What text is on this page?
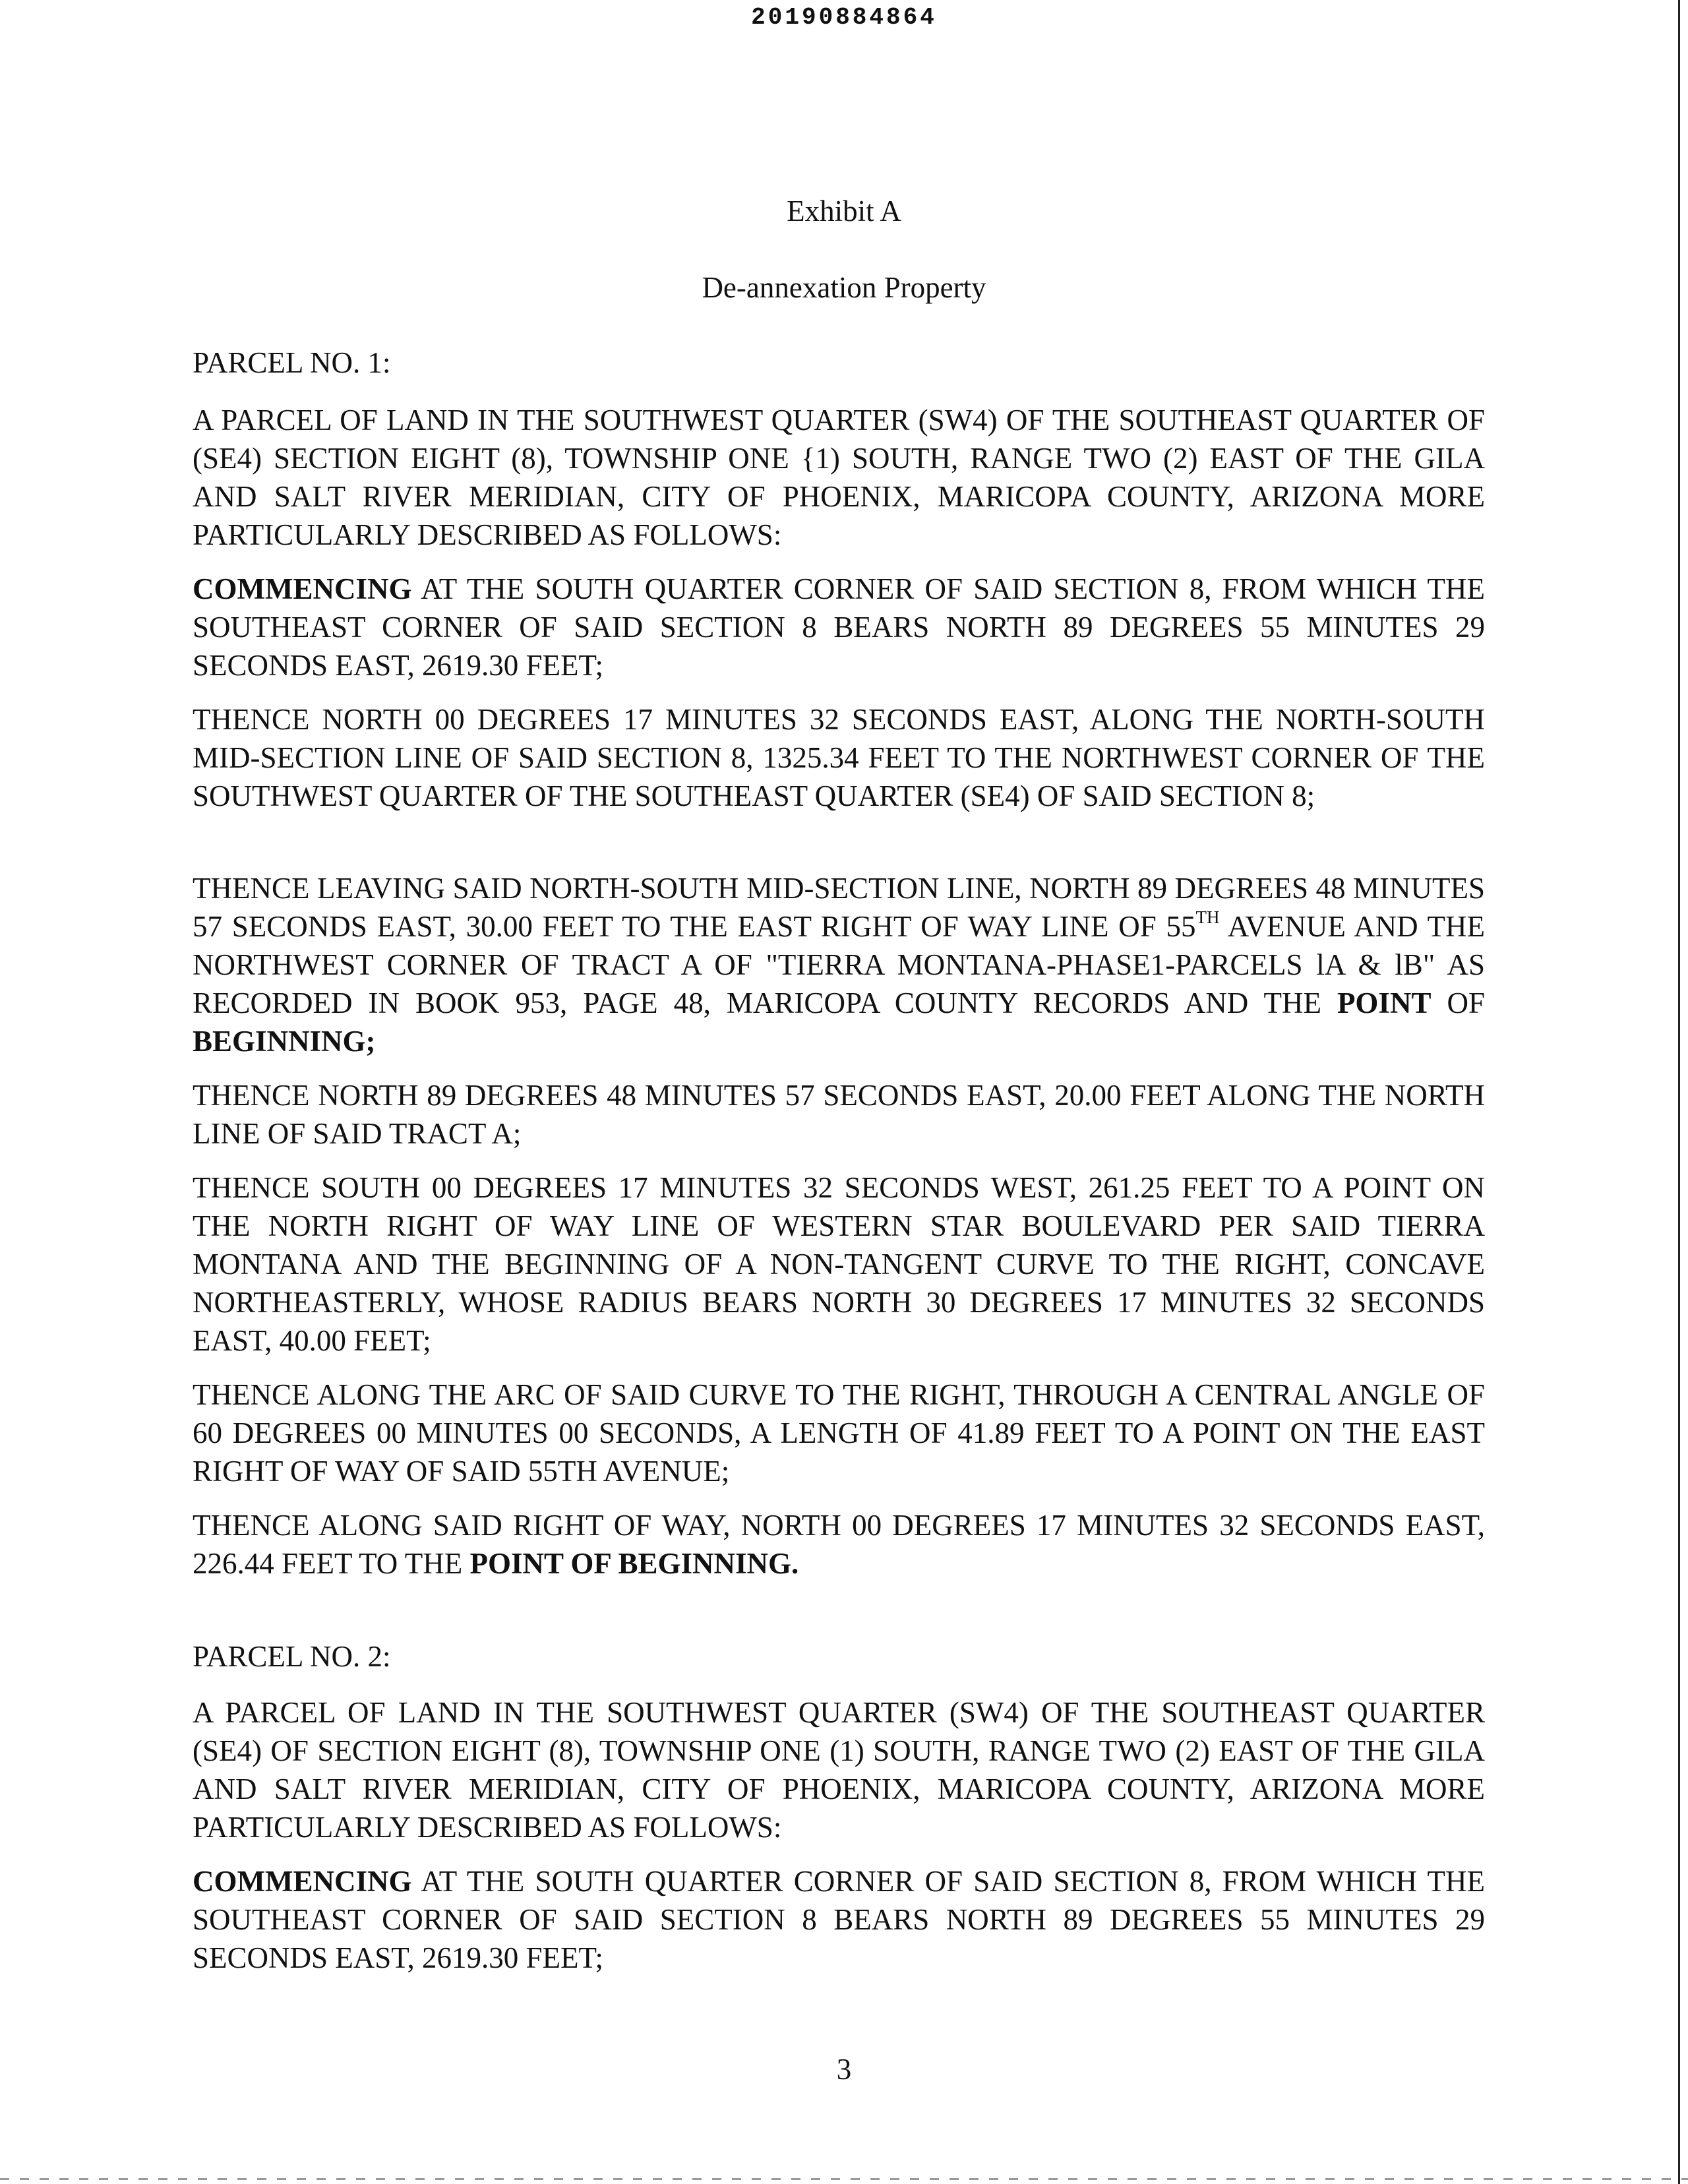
20190884864
Exhibit A
De-annexation Property
PARCEL NO. 1:
A PARCEL OF LAND IN THE SOUTHWEST QUARTER (SW4) OF THE SOUTHEAST QUARTER OF (SE4) SECTION EIGHT (8), TOWNSHIP ONE {1) SOUTH, RANGE TWO (2) EAST OF THE GILA AND SALT RIVER MERIDIAN, CITY OF PHOENIX, MARICOPA COUNTY, ARIZONA MORE PARTICULARLY DESCRIBED AS FOLLOWS:
COMMENCING AT THE SOUTH QUARTER CORNER OF SAID SECTION 8, FROM WHICH THE SOUTHEAST CORNER OF SAID SECTION 8 BEARS NORTH 89 DEGREES 55 MINUTES 29 SECONDS EAST, 2619.30 FEET;
THENCE NORTH 00 DEGREES 17 MINUTES 32 SECONDS EAST, ALONG THE NORTH-SOUTH MID-SECTION LINE OF SAID SECTION 8, 1325.34 FEET TO THE NORTHWEST CORNER OF THE SOUTHWEST QUARTER OF THE SOUTHEAST QUARTER (SE4) OF SAID SECTION 8;
THENCE LEAVING SAID NORTH-SOUTH MID-SECTION LINE, NORTH 89 DEGREES 48 MINUTES 57 SECONDS EAST, 30.00 FEET TO THE EAST RIGHT OF WAY LINE OF 55TH AVENUE AND THE NORTHWEST CORNER OF TRACT A OF "TIERRA MONTANA-PHASE1-PARCELS lA & lB" AS RECORDED IN BOOK 953, PAGE 48, MARICOPA COUNTY RECORDS AND THE POINT OF BEGINNING;
THENCE NORTH 89 DEGREES 48 MINUTES 57 SECONDS EAST, 20.00 FEET ALONG THE NORTH LINE OF SAID TRACT A;
THENCE SOUTH 00 DEGREES 17 MINUTES 32 SECONDS WEST, 261.25 FEET TO A POINT ON THE NORTH RIGHT OF WAY LINE OF WESTERN STAR BOULEVARD PER SAID TIERRA MONTANA AND THE BEGINNING OF A NON-TANGENT CURVE TO THE RIGHT, CONCAVE NORTHEASTERLY, WHOSE RADIUS BEARS NORTH 30 DEGREES 17 MINUTES 32 SECONDS EAST, 40.00 FEET;
THENCE ALONG THE ARC OF SAID CURVE TO THE RIGHT, THROUGH A CENTRAL ANGLE OF 60 DEGREES 00 MINUTES 00 SECONDS, A LENGTH OF 41.89 FEET TO A POINT ON THE EAST RIGHT OF WAY OF SAID 55TH AVENUE;
THENCE ALONG SAID RIGHT OF WAY, NORTH 00 DEGREES 17 MINUTES 32 SECONDS EAST, 226.44 FEET TO THE POINT OF BEGINNING.
PARCEL NO. 2:
A PARCEL OF LAND IN THE SOUTHWEST QUARTER (SW4) OF THE SOUTHEAST QUARTER (SE4) OF SECTION EIGHT (8), TOWNSHIP ONE (1) SOUTH, RANGE TWO (2) EAST OF THE GILA AND SALT RIVER MERIDIAN, CITY OF PHOENIX, MARICOPA COUNTY, ARIZONA MORE PARTICULARLY DESCRIBED AS FOLLOWS:
COMMENCING AT THE SOUTH QUARTER CORNER OF SAID SECTION 8, FROM WHICH THE SOUTHEAST CORNER OF SAID SECTION 8 BEARS NORTH 89 DEGREES 55 MINUTES 29 SECONDS EAST, 2619.30 FEET;
3
